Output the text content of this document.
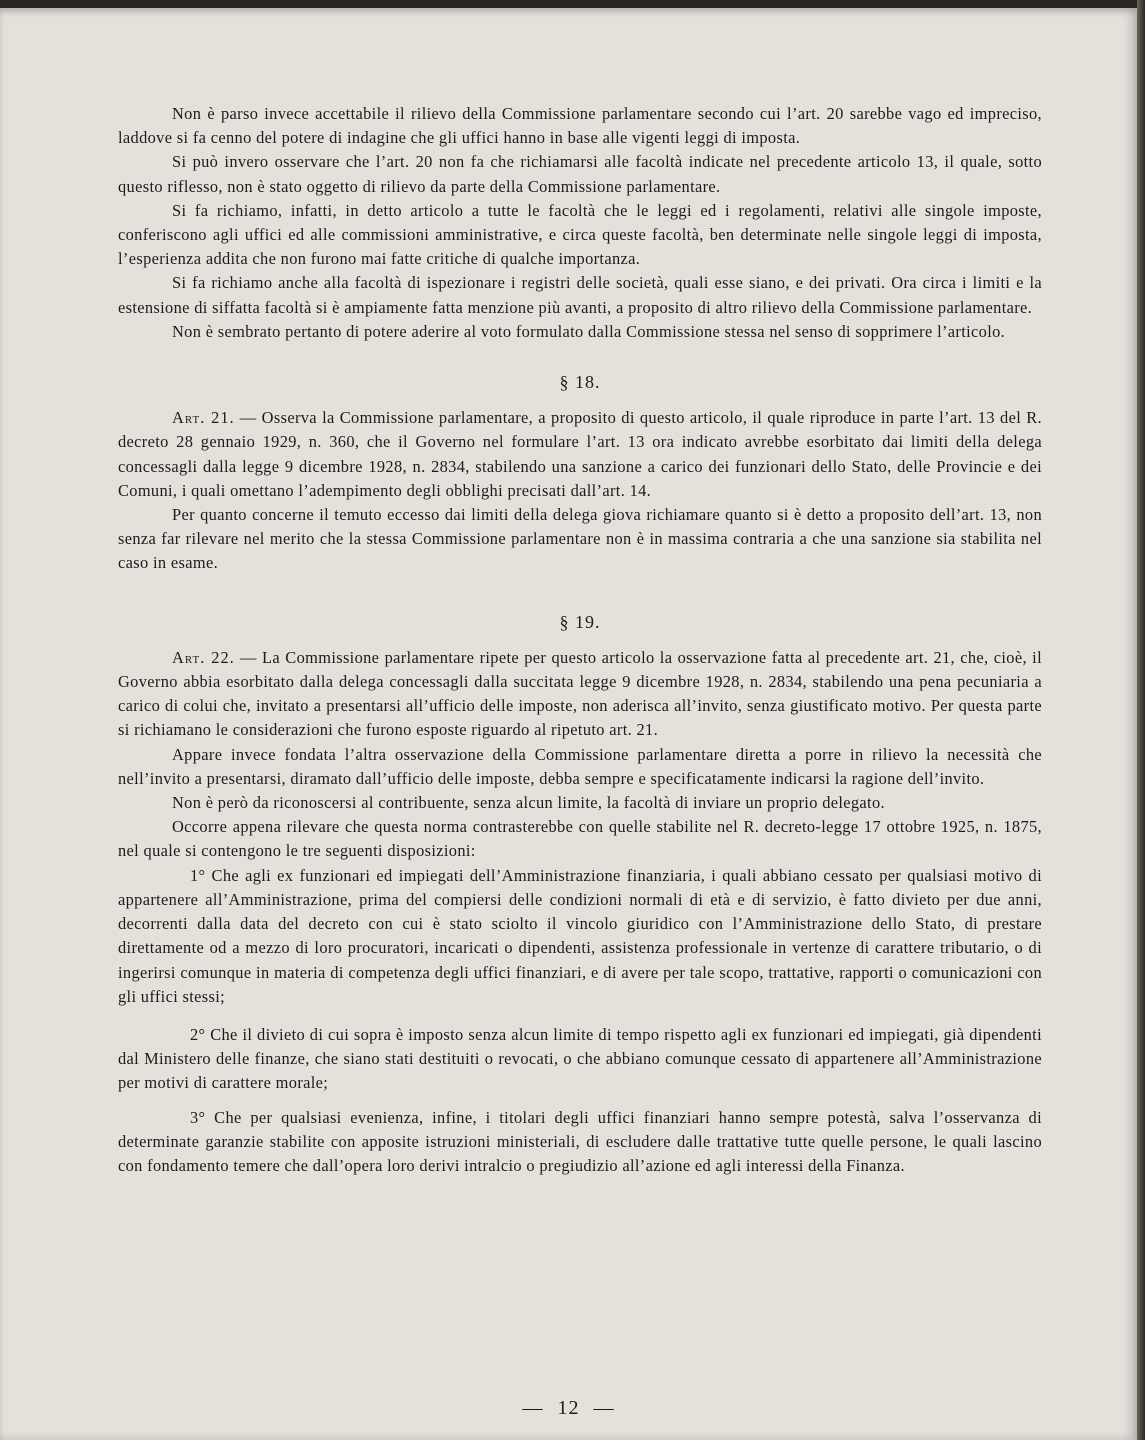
Non è parso invece accettabile il rilievo della Commissione parlamentare secondo cui l’art. 20 sarebbe vago ed impreciso, laddove si fa cenno del potere di indagine che gli uffici hanno in base alle vigenti leggi di imposta.

Si può invero osservare che l’art. 20 non fa che richiamarsi alle facoltà indicate nel precedente articolo 13, il quale, sotto questo riflesso, non è stato oggetto di rilievo da parte della Commissione parlamentare.

Si fa richiamo, infatti, in detto articolo a tutte le facoltà che le leggi ed i regolamenti, relativi alle singole imposte, conferiscono agli uffici ed alle commissioni amministrative, e circa queste facoltà, ben determinate nelle singole leggi di imposta, l’esperienza addita che non furono mai fatte critiche di qualche importanza.

Si fa richiamo anche alla facoltà di ispezionare i registri delle società, quali esse siano, e dei privati. Ora circa i limiti e la estensione di siffatta facoltà si è ampiamente fatta menzione più avanti, a proposito di altro rilievo della Commissione parlamentare.

Non è sembrato pertanto di potere aderire al voto formulato dalla Commissione stessa nel senso di sopprimere l’articolo.

§ 18.

Art. 21. — Osserva la Commissione parlamentare, a proposito di questo articolo, il quale riproduce in parte l’art. 13 del R. decreto 28 gennaio 1929, n. 360, che il Governo nel formulare l’art. 13 ora indicato avrebbe esorbitato dai limiti della delega concessagli dalla legge 9 dicembre 1928, n. 2834, stabilendo una sanzione a carico dei funzionari dello Stato, delle Provincie e dei Comuni, i quali omettano l’adempimento degli obblighi precisati dall’art. 14.

Per quanto concerne il temuto eccesso dai limiti della delega giova richiamare quanto si è detto a proposito dell’art. 13, non senza far rilevare nel merito che la stessa Commissione parlamentare non è in massima contraria a che una sanzione sia stabilita nel caso in esame.

§ 19.

Art. 22. — La Commissione parlamentare ripete per questo articolo la osservazione fatta al precedente art. 21, che, cioè, il Governo abbia esorbitato dalla delega concessagli dalla succitata legge 9 dicembre 1928, n. 2834, stabilendo una pena pecuniaria a carico di colui che, invitato a presentarsi all’ufficio delle imposte, non aderisca all’invito, senza giustificato motivo. Per questa parte si richiamano le considerazioni che furono esposte riguardo al ripetuto art. 21.

Appare invece fondata l’altra osservazione della Commissione parlamentare diretta a porre in rilievo la necessità che nell’invito a presentarsi, diramato dall’ufficio delle imposte, debba sempre e specificatamente indicarsi la ragione dell’invito.

Non è però da riconoscersi al contribuente, senza alcun limite, la facoltà di inviare un proprio delegato.

Occorre appena rilevare che questa norma contrasterebbe con quelle stabilite nel R. decreto-legge 17 ottobre 1925, n. 1875, nel quale si contengono le tre seguenti disposizioni:

1° Che agli ex funzionari ed impiegati dell’Amministrazione finanziaria, i quali abbiano cessato per qualsiasi motivo di appartenere all’Amministrazione, prima del compiersi delle condizioni normali di età e di servizio, è fatto divieto per due anni, decorrenti dalla data del decreto con cui è stato sciolto il vincolo giuridico con l’Amministrazione dello Stato, di prestare direttamente od a mezzo di loro procuratori, incaricati o dipendenti, assistenza professionale in vertenze di carattere tributario, o di ingerirsi comunque in materia di competenza degli uffici finanziari, e di avere per tale scopo, trattative, rapporti o comunicazioni con gli uffici stessi;

2° Che il divieto di cui sopra è imposto senza alcun limite di tempo rispetto agli ex funzionari ed impiegati, già dipendenti dal Ministero delle finanze, che siano stati destituiti o revocati, o che abbiano comunque cessato di appartenere all’Amministrazione per motivi di carattere morale;

3° Che per qualsiasi evenienza, infine, i titolari degli uffici finanziari hanno sempre potestà, salva l’osservanza di determinate garanzie stabilite con apposite istruzioni ministeriali, di escludere dalle trattative tutte quelle persone, le quali lascino con fondamento temere che dall’opera loro derivi intralcio o pregiudizio all’azione ed agli interessi della Finanza.

— 12 —
